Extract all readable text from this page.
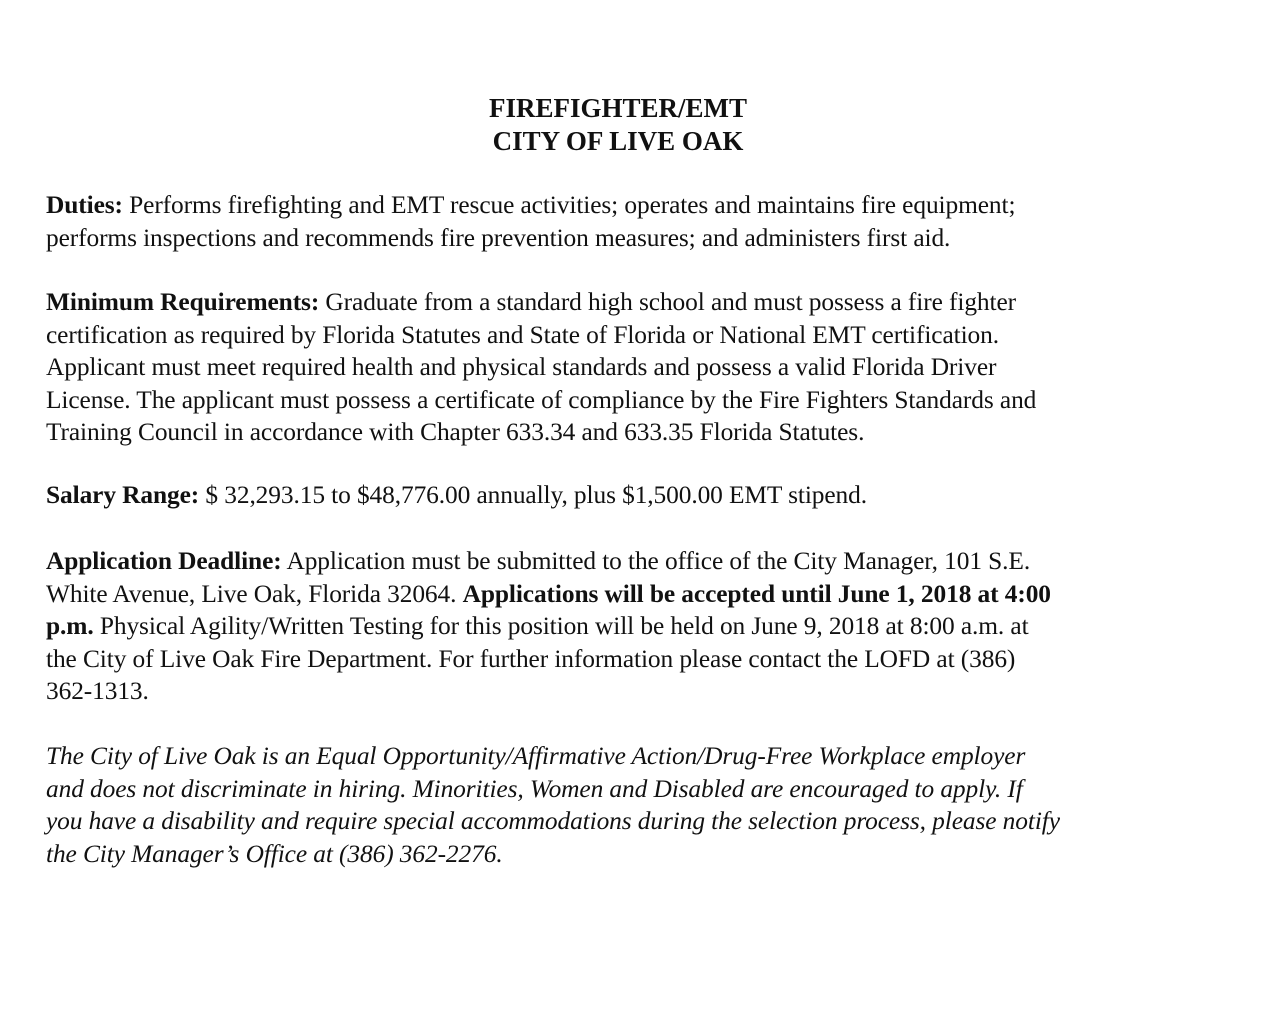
FIREFIGHTER/EMT
CITY OF LIVE OAK

Duties: Performs firefighting and EMT rescue activities; operates and maintains fire equipment;
performs inspections and recommends fire prevention measures; and administers first aid.

Minimum Requirements: Graduate from a standard high school and must possess a fire fighter
certification as required by Florida Statutes and State of Florida or National EMT certification.
Applicant must meet required health and physical standards and possess a valid Florida Driver
License. The applicant must possess a certificate of compliance by the Fire Fighters Standards and
Training Council in accordance with Chapter 633.34 and 633.35 Florida Statutes.

Salary Range: $ 32,293.15 to $48,776.00 annually, plus $1,500.00 EMT stipend.

Application Deadline: Application must be submitted to the office of the City Manager, 101 S.E.
White Avenue, Live Oak, Florida 32064. Applications will be accepted until June 1, 2018 at 4:00
p.m. Physical Agility/Written Testing for this position will be held on June 9, 2018 at 8:00 a.m. at
the City of Live Oak Fire Department. For further information please contact the LOFD at (386)
362-1313.

The City of Live Oak is an Equal Opportunity/Affirmative Action/Drug-Free Workplace employer
and does not discriminate in hiring. Minorities, Women and Disabled are encouraged to apply. If
you have a disability and require special accommodations during the selection process, please notify
the City Manager’s Office at (386) 362-2276.
